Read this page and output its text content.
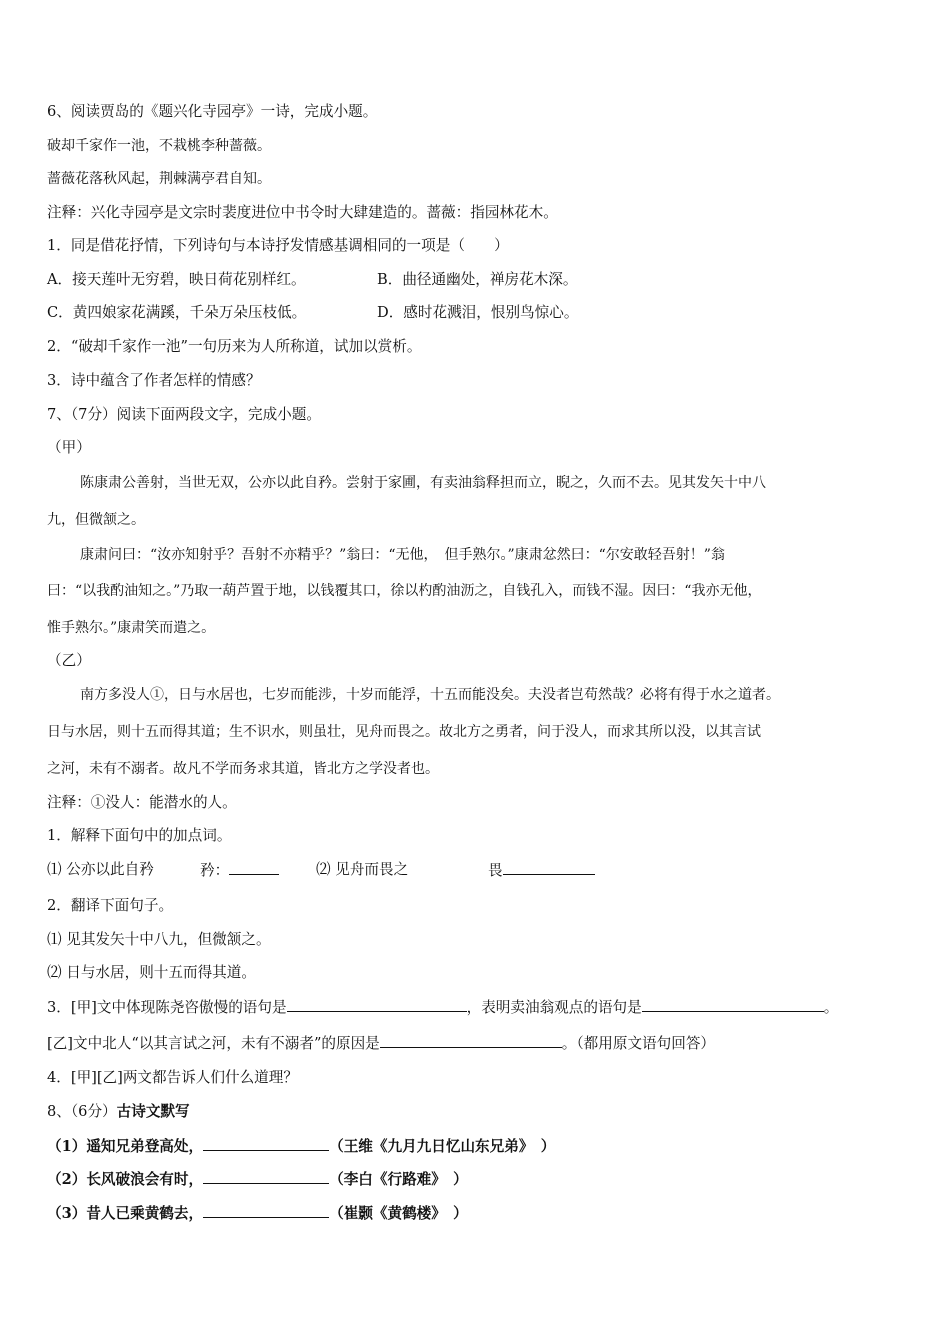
6、阅读贾岛的《题兴化寺园亭》一诗，完成小题。
破却千家作一池，不栽桃李种蔷薇。
蔷薇花落秋风起，荆棘满亭君自知。
注释：兴化寺园亭是文宗时裴度进位中书令时大肆建造的。蔷薇：指园林花木。
1．同是借花抒情，下列诗句与本诗抒发情感基调相同的一项是（　　）
A．接天莲叶无穷碧，映日荷花别样红。	B．曲径通幽处，禅房花木深。
C．黄四娘家花满蹊，千朵万朵压枝低。	D．感时花溅泪，恨别鸟惊心。
2．“破却千家作一池”一句历来为人所称道，试加以赏析。
3．诗中蕴含了作者怎样的情感？
7、（7分）阅读下面两段文字，完成小题。
（甲）
陈康肃公善射，当世无双，公亦以此自矜。尝射于家圃，有卖油翁释担而立，睨之，久而不去。见其发矢十中八
九，但微颔之。
康肃问曰：“汝亦知射乎？吾射不亦精乎？”翁曰：“无他，　但手熟尔。”康肃忿然曰：“尔安敢轻吾射！”翁
曰：“以我酌油知之。”乃取一葫芦置于地，以钱覆其口，徐以杓酌油沥之，自钱孔入，而钱不湿。因曰：“我亦无他，
惟手熟尔。”康肃笑而遣之。
（乙）
南方多没人①，日与水居也，七岁而能涉，十岁而能浮，十五而能没矣。夫没者岂苟然哉？必将有得于水之道者。
日与水居，则十五而得其道；生不识水，则虽壮，见舟而畏之。故北方之勇者，问于没人，而求其所以没，以其言试
之河，未有不溺者。故凡不学而务求其道，皆北方之学没者也。
注释：①没人：能潜水的人。
1．解释下面句中的加点词。
⑴ 公亦以此自矜	矜：	⑵ 见舟而畏之	畏
2．翻译下面句子。
⑴ 见其发矢十中八九，但微颔之。
⑵ 日与水居，则十五而得其道。
3．[甲]文中体现陈尧咨傲慢的语句是	，表明卖油翁观点的语句是	。
[乙]文中北人“以其言试之河，未有不溺者”的原因是	。（都用原文语句回答）
4．[甲][乙]两文都告诉人们什么道理？
8、（6分）古诗文默写
（1）遥知兄弟登高处，	（王维《九月九日忆山东兄弟》　）
（2）长风破浪会有时，	（李白《行路难》　）
（3）昔人已乘黄鹤去，	（崔颢《黄鹤楼》　）
